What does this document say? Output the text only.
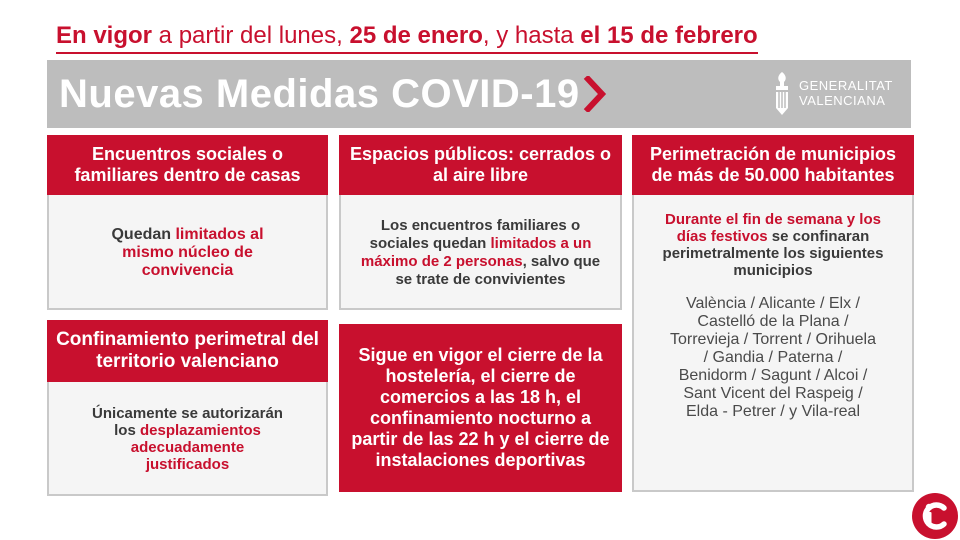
En vigor a partir del lunes, 25 de enero, y hasta el 15 de febrero
Nuevas Medidas COVID-19	GENERALITAT
VALENCIANA
Encuentros sociales o familiares dentro de casas
Quedan limitados al mismo núcleo de convivencia
Espacios públicos: cerrados o al aire libre
Los encuentros familiares o sociales quedan limitados a un máximo de 2 personas, salvo que se trate de convivientes
Perimetración de municipios de más de 50.000 habitantes
Durante el fin de semana y los días festivos se confinaran perimetralmente los siguientes municipios
València / Alicante / Elx / Castelló de la Plana / Torrevieja / Torrent / Orihuela / Gandia / Paterna / Benidorm / Sagunt / Alcoi / Sant Vicent del Raspeig / Elda - Petrer / y Vila-real
Confinamiento perimetral del territorio valenciano
Únicamente se autorizarán los desplazamientos adecuadamente justificados
Sigue en vigor el cierre de la hostelería, el cierre de comercios a las 18 h, el confinamiento nocturno a partir de las 22 h y el cierre de instalaciones deportivas
